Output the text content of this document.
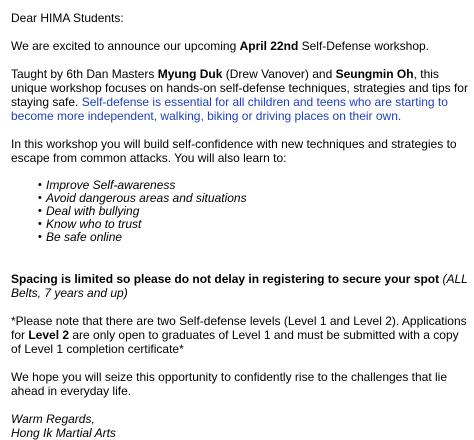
Dear HIMA Students:

We are excited to announce our upcoming April 22nd Self-Defense workshop.

Taught by 6th Dan Masters Myung Duk (Drew Vanover) and Seungmin Oh, this unique workshop focuses on hands-on self-defense techniques, strategies and tips for staying safe. Self-defense is essential for all children and teens who are starting to become more independent, walking, biking or driving places on their own.

In this workshop you will build self-confidence with new techniques and strategies to escape from common attacks. You will also learn to:

• Improve Self-awareness
• Avoid dangerous areas and situations
• Deal with bullying
• Know who to trust
• Be safe online

Spacing is limited so please do not delay in registering to secure your spot (ALL Belts, 7 years and up)

*Please note that there are two Self-defense levels (Level 1 and Level 2). Applications for Level 2 are only open to graduates of Level 1 and must be submitted with a copy of Level 1 completion certificate*

We hope you will seize this opportunity to confidently rise to the challenges that lie ahead in everyday life.

Warm Regards,

Hong Ik Martial Arts
